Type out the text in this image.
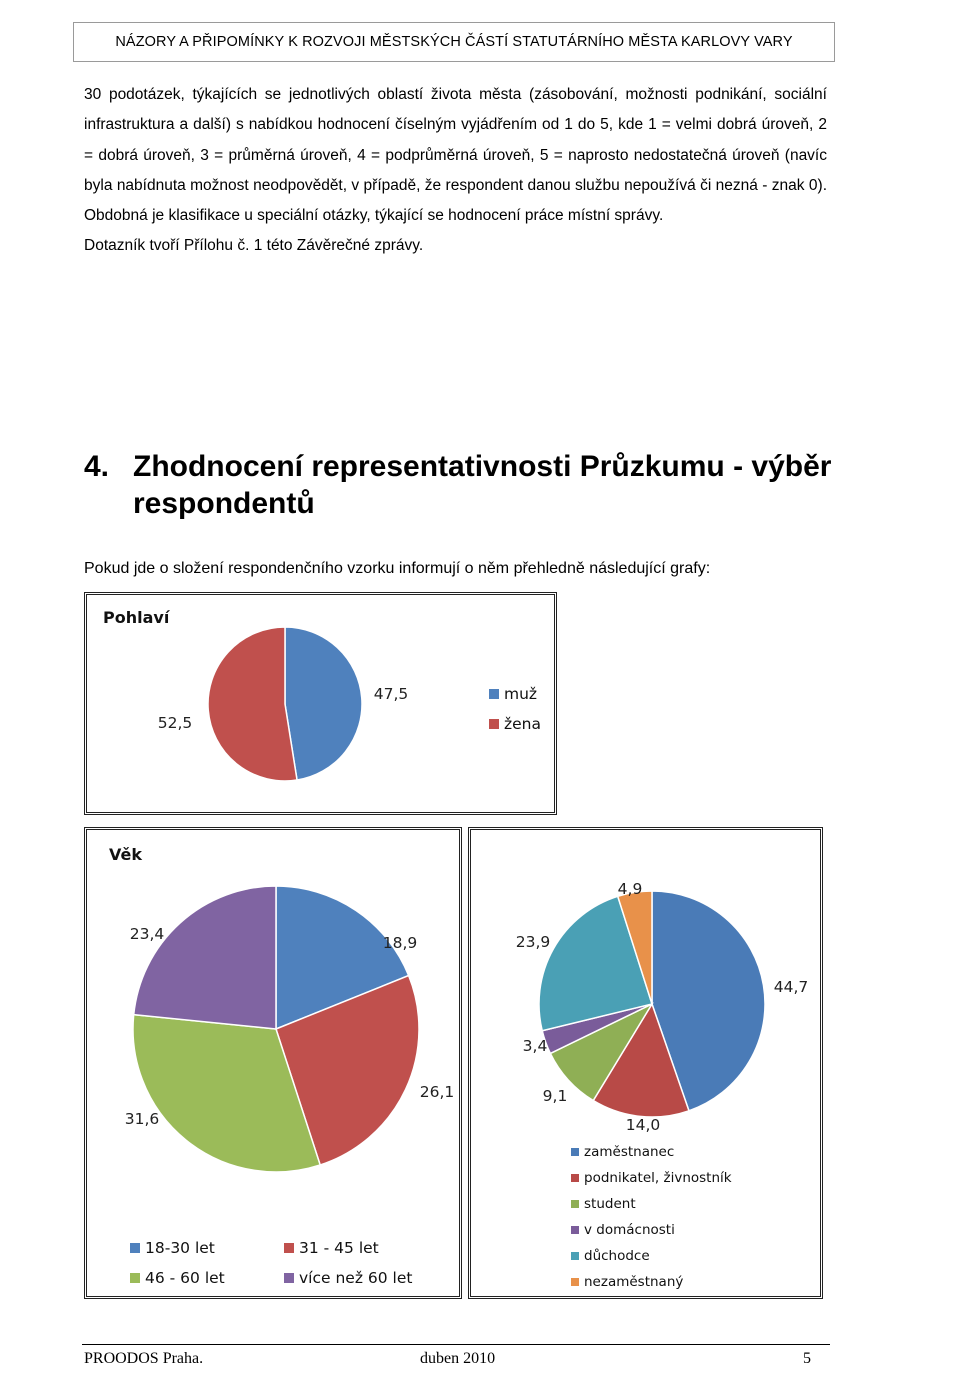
NÁZORY A PŘIPOMÍNKY K ROZVOJI MĚSTSKÝCH ČÁSTÍ STATUTÁRNÍHO MĚSTA KARLOVY VARY

30 podotázek, týkajících se jednotlivých oblastí života města (zásobování, možnosti podnikání, sociální infrastruktura a další) s nabídkou hodnocení číselným vyjádřením od 1 do 5, kde 1 = velmi dobrá úroveň, 2 = dobrá úroveň, 3 = průměrná úroveň, 4 = podprůměrná úroveň, 5 = naprosto nedostatečná úroveň (navíc byla nabídnuta možnost neodpovědět, v případě, že respondent danou službu nepoužívá či nezná - znak 0). Obdobná je klasifikace u speciální otázky, týkající se hodnocení práce místní správy.

Dotazník tvoří Přílohu č. 1 této Závěrečné zprávy.

4. Zhodnocení representativnosti Průzkumu - výběr respondentů
Pokud jde o složení respondenčního vzorku informují o něm přehledně následující grafy:
Pohlaví
47,5
52,5
muž
žena
Věk
18,9
26,1
31,6
23,4
18-30 let	31 - 45 let
46 - 60 let	více než 60 let
44,7
14,0
9,1
3,4
23,9
4,9
zaměstnanec
podnikatel, živnostník
student
v domácnosti
důchodce
nezaměstnaný
PROODOS Praha.	duben 2010	5
